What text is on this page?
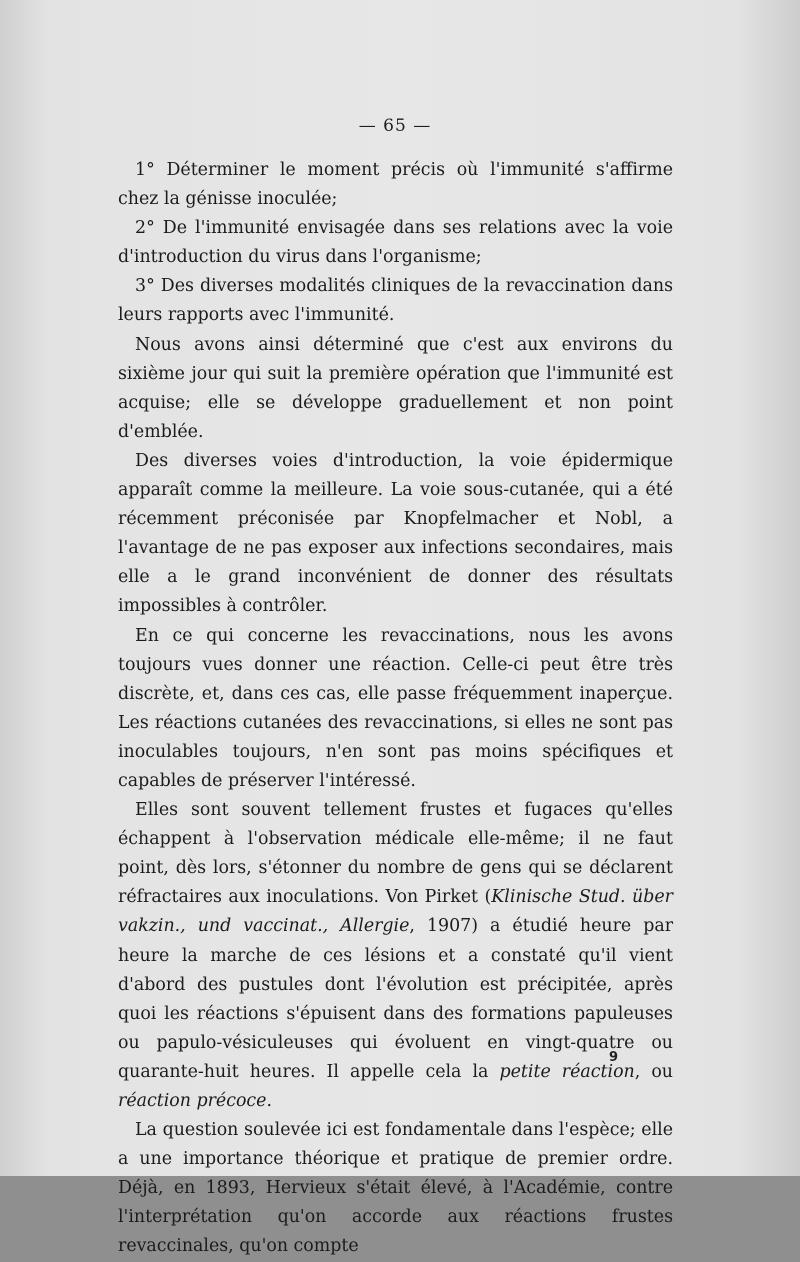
— 65 —

1° Déterminer le moment précis où l'immunité s'affirme chez la génisse inoculée;

2° De l'immunité envisagée dans ses relations avec la voie d'introduction du virus dans l'organisme;

3° Des diverses modalités cliniques de la revaccination dans leurs rapports avec l'immunité.

Nous avons ainsi déterminé que c'est aux environs du sixième jour qui suit la première opération que l'immunité est acquise; elle se développe graduellement et non point d'emblée.

Des diverses voies d'introduction, la voie épidermique apparaît comme la meilleure. La voie sous-cutanée, qui a été récemment préconisée par Knopfelmacher et Nobl, a l'avantage de ne pas exposer aux infections secondaires, mais elle a le grand inconvénient de donner des résultats impossibles à contrôler.

En ce qui concerne les revaccinations, nous les avons toujours vues donner une réaction. Celle-ci peut être très discrète, et, dans ces cas, elle passe fréquemment inaperçue. Les réactions cutanées des revaccinations, si elles ne sont pas inoculables toujours, n'en sont pas moins spécifiques et capables de préserver l'intéressé.

Elles sont souvent tellement frustes et fugaces qu'elles échappent à l'observation médicale elle-même; il ne faut point, dès lors, s'étonner du nombre de gens qui se déclarent réfractaires aux inoculations. Von Pirket (Klinische Stud. über vakzin., und vaccinat., Allergie, 1907) a étudié heure par heure la marche de ces lésions et a constaté qu'il vient d'abord des pustules dont l'évolution est précipitée, après quoi les réactions s'épuisent dans des formations papuleuses ou papulo-vésiculeuses qui évoluent en vingt-quatre ou quarante-huit heures. Il appelle cela la petite réaction, ou réaction précoce.

La question soulevée ici est fondamentale dans l'espèce; elle a une importance théorique et pratique de premier ordre. Déjà, en 1893, Hervieux s'était élevé, à l'Académie, contre l'interprétation qu'on accorde aux réactions frustes revaccinales, qu'on compte

9
